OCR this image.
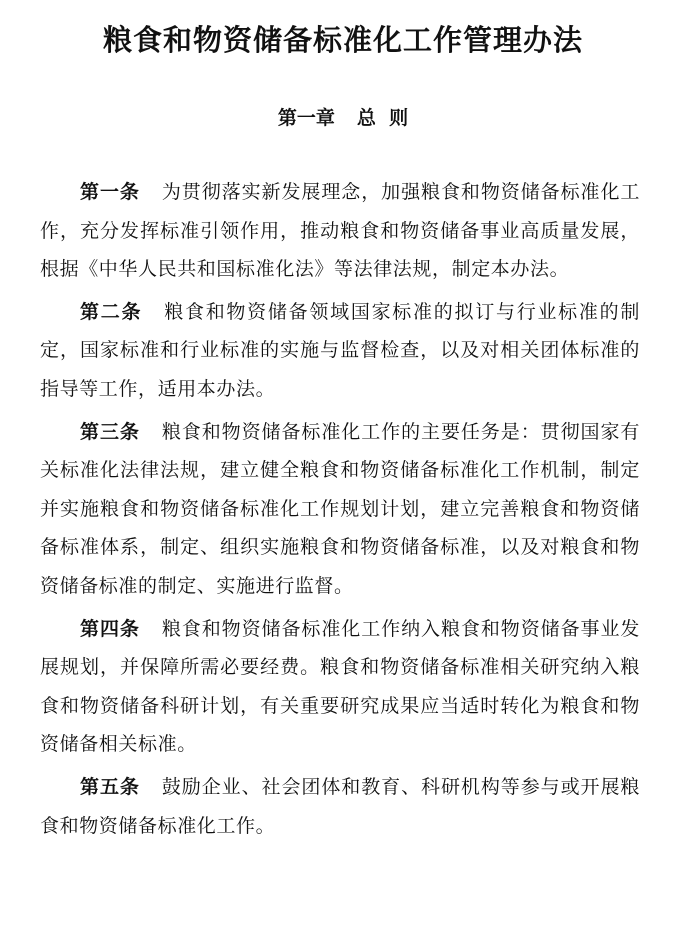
粮食和物资储备标准化工作管理办法
第一章 总  则

第一条 为贯彻落实新发展理念，加强粮食和物资储备标准化工作，充分发挥标准引领作用，推动粮食和物资储备事业高质量发展，根据《中华人民共和国标准化法》等法律法规，制定本办法。

第二条 粮食和物资储备领域国家标准的拟订与行业标准的制定，国家标准和行业标准的实施与监督检查，以及对相关团体标准的指导等工作，适用本办法。

第三条 粮食和物资储备标准化工作的主要任务是：贯彻国家有关标准化法律法规，建立健全粮食和物资储备标准化工作机制，制定并实施粮食和物资储备标准化工作规划计划，建立完善粮食和物资储备标准体系，制定、组织实施粮食和物资储备标准，以及对粮食和物资储备标准的制定、实施进行监督。

第四条 粮食和物资储备标准化工作纳入粮食和物资储备事业发展规划，并保障所需必要经费。粮食和物资储备标准相关研究纳入粮食和物资储备科研计划，有关重要研究成果应当适时转化为粮食和物资储备相关标准。

第五条 鼓励企业、社会团体和教育、科研机构等参与或开展粮食和物资储备标准化工作。
